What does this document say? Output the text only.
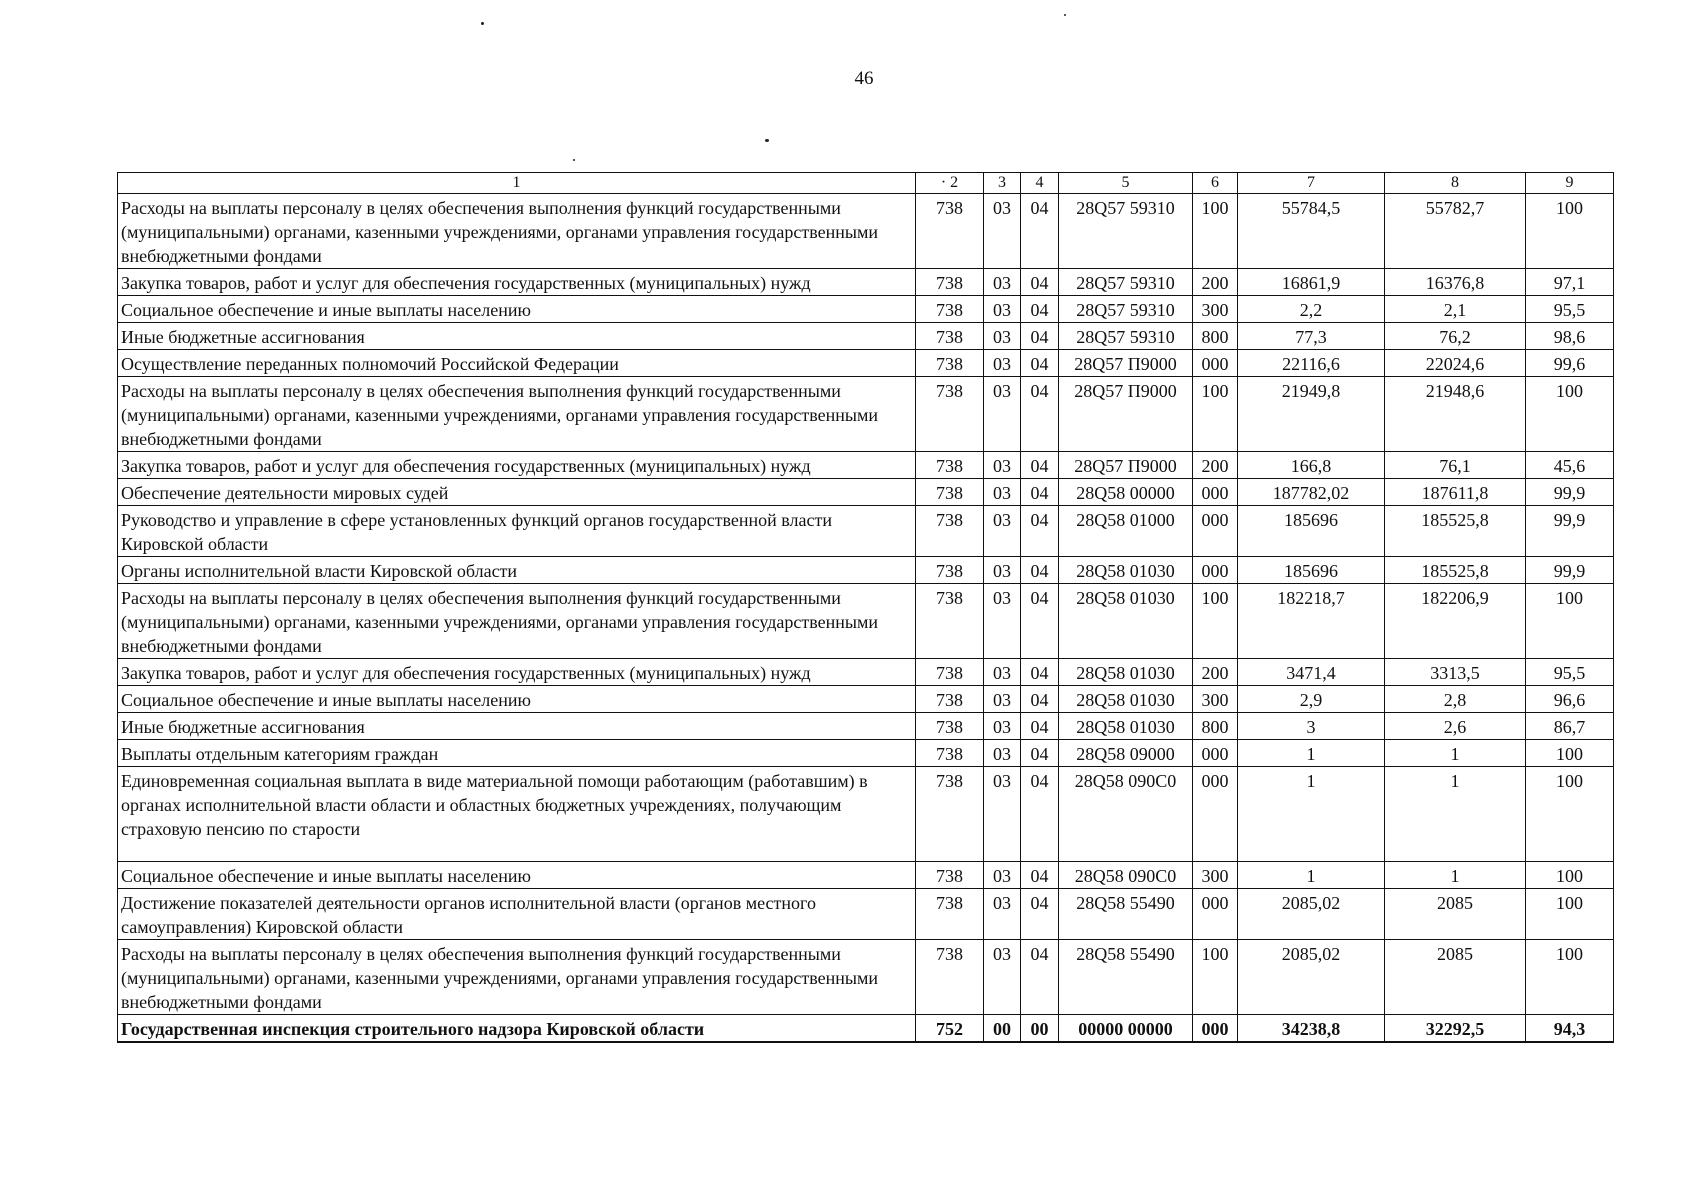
46
1	· 2	3	4	5	6	7	8	9
Расходы на выплаты персоналу в целях обеспечения выполнения функций государственными (муниципальными) органами, казенными учреждениями, органами управления государственными внебюджетными фондами	738	03	04	28Q57 59310	100	55784,5	55782,7	100
Закупка товаров, работ и услуг для обеспечения государственных (муниципальных) нужд	738	03	04	28Q57 59310	200	16861,9	16376,8	97,1
Социальное обеспечение и иные выплаты населению	738	03	04	28Q57 59310	300	2,2	2,1	95,5
Иные бюджетные ассигнования	738	03	04	28Q57 59310	800	77,3	76,2	98,6
Осуществление переданных полномочий Российской Федерации	738	03	04	28Q57 П9000	000	22116,6	22024,6	99,6
Расходы на выплаты персоналу в целях обеспечения выполнения функций государственными (муниципальными) органами, казенными учреждениями, органами управления государственными внебюджетными фондами	738	03	04	28Q57 П9000	100	21949,8	21948,6	100
Закупка товаров, работ и услуг для обеспечения государственных (муниципальных) нужд	738	03	04	28Q57 П9000	200	166,8	76,1	45,6
Обеспечение деятельности мировых судей	738	03	04	28Q58 00000	000	187782,02	187611,8	99,9
Руководство и управление в сфере установленных функций органов государственной власти Кировской области	738	03	04	28Q58 01000	000	185696	185525,8	99,9
Органы исполнительной власти Кировской области	738	03	04	28Q58 01030	000	185696	185525,8	99,9
Расходы на выплаты персоналу в целях обеспечения выполнения функций государственными (муниципальными) органами, казенными учреждениями, органами управления государственными внебюджетными фондами	738	03	04	28Q58 01030	100	182218,7	182206,9	100
Закупка товаров, работ и услуг для обеспечения государственных (муниципальных) нужд	738	03	04	28Q58 01030	200	3471,4	3313,5	95,5
Социальное обеспечение и иные выплаты населению	738	03	04	28Q58 01030	300	2,9	2,8	96,6
Иные бюджетные ассигнования	738	03	04	28Q58 01030	800	3	2,6	86,7
Выплаты отдельным категориям граждан	738	03	04	28Q58 09000	000	1	1	100
Единовременная социальная выплата в виде материальной помощи работающим (работавшим) в органах исполнительной власти области и областных бюджетных учреждениях, получающим страховую пенсию по старости	738	03	04	28Q58 090C0	000	1	1	100
Социальное обеспечение и иные выплаты населению	738	03	04	28Q58 090C0	300	1	1	100
Достижение показателей деятельности органов исполнительной власти (органов местного самоуправления) Кировской области	738	03	04	28Q58 55490	000	2085,02	2085	100
Расходы на выплаты персоналу в целях обеспечения выполнения функций государственными (муниципальными) органами, казенными учреждениями, органами управления государственными внебюджетными фондами	738	03	04	28Q58 55490	100	2085,02	2085	100
Государственная инспекция строительного надзора Кировской области	752	00	00	00000 00000	000	34238,8	32292,5	94,3
